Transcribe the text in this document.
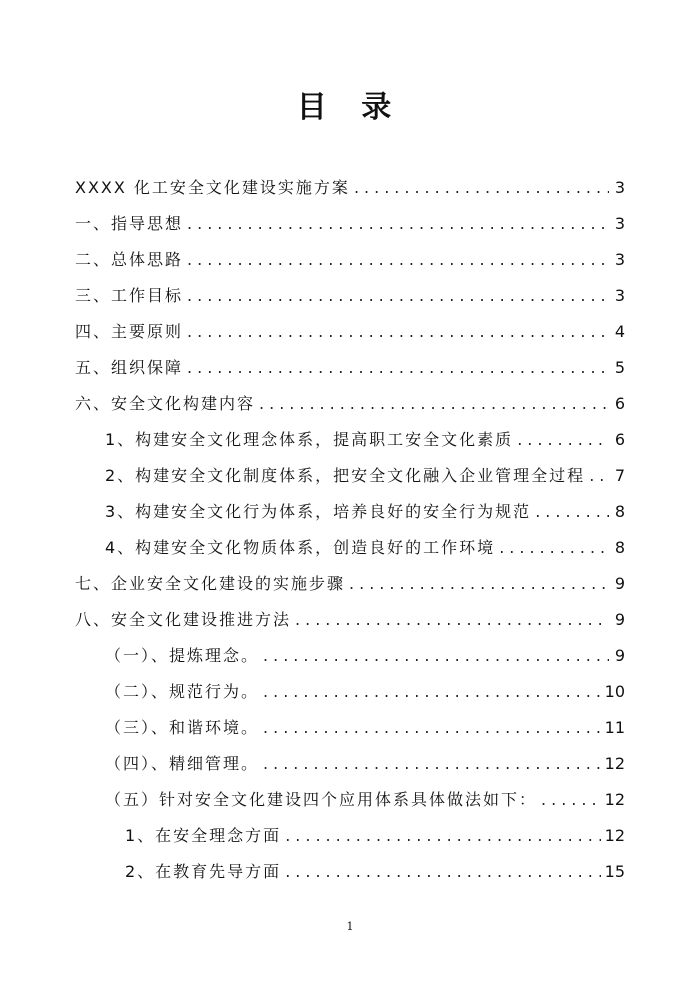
目 录
XXXX 化工安全文化建设实施方案 .....	3
一、指导思想 .....	3
二、总体思路 .....	3
三、工作目标 .....	3
四、主要原则 .....	4
五、组织保障 .....	5
六、安全文化构建内容 .....	6
1、构建安全文化理念体系，提高职工安全文化素质 .....	6
2、构建安全文化制度体系，把安全文化融入企业管理全过程 ..... 7
3、构建安全文化行为体系，培养良好的安全行为规范 .....	8
4、构建安全文化物质体系，创造良好的工作环境 .....	8
七、企业安全文化建设的实施步骤 .....	9
八、安全文化建设推进方法 .....	9
（一）、提炼理念。 .....	9
（二）、规范行为。 .....	10
（三）、和谐环境。 .....	11
（四）、精细管理。 .....	12
（五）针对安全文化建设四个应用体系具体做法如下： .....	12
1、在安全理念方面 .....	12
2、在教育先导方面 .....	15
1
